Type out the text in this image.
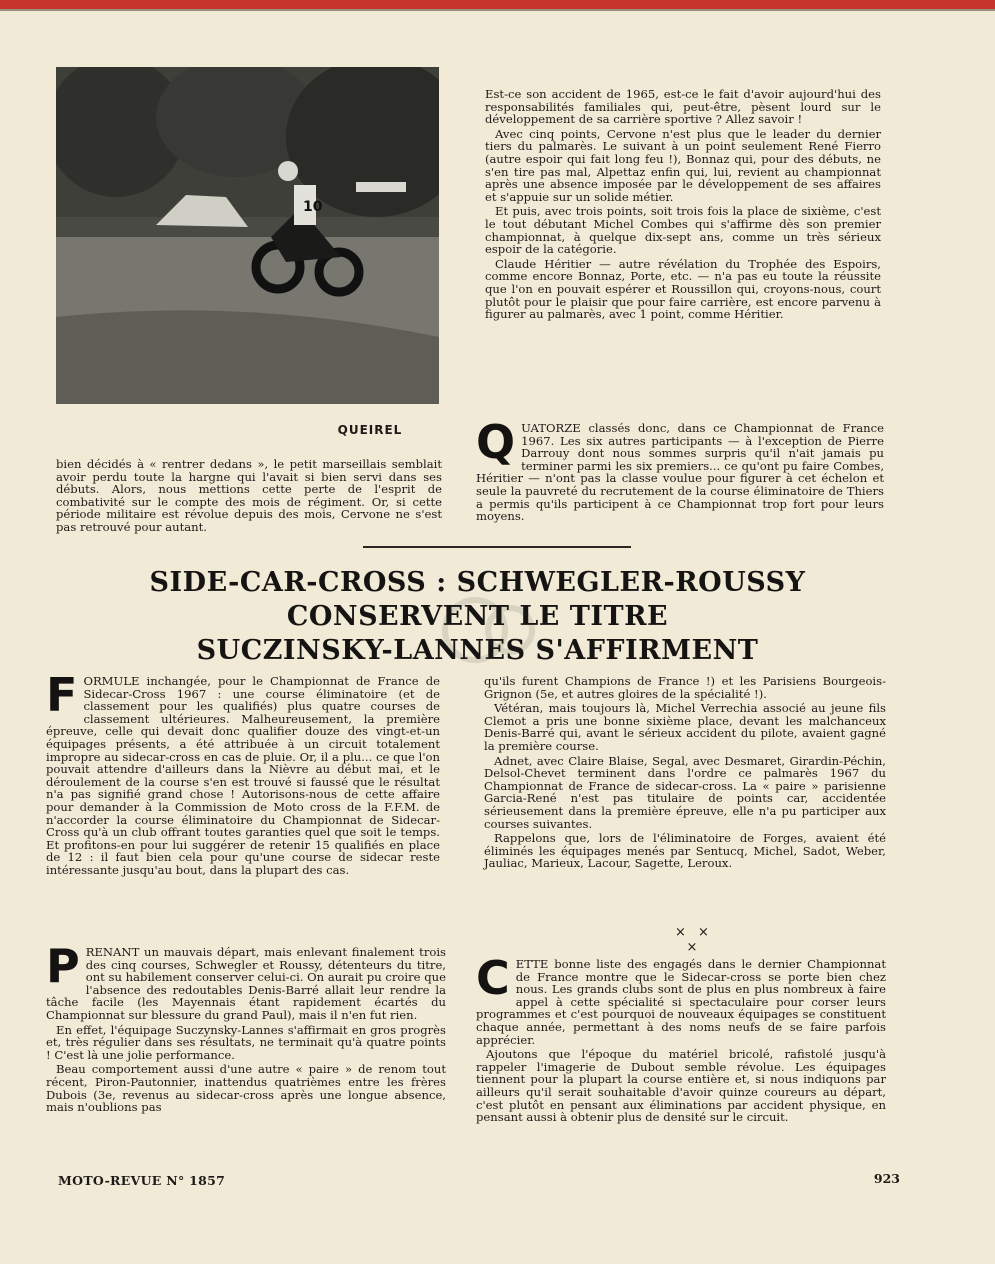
10
QUEIREL

Est-ce son accident de 1965, est-ce le fait d'avoir aujourd'hui des responsabilités familiales qui, peut-être, pèsent lourd sur le développement de sa carrière sportive ? Allez savoir !

Avec cinq points, Cervone n'est plus que le leader du dernier tiers du palmarès. Le suivant à un point seulement René Fierro (autre espoir qui fait long feu !), Bonnaz qui, pour des débuts, ne s'en tire pas mal, Alpettaz enfin qui, lui, revient au championnat après une absence imposée par le développement de ses affaires et s'appuie sur un solide métier.

Et puis, avec trois points, soit trois fois la place de sixième, c'est le tout débutant Michel Combes qui s'affirme dès son premier championnat, à quelque dix-sept ans, comme un très sérieux espoir de la catégorie.

Claude Héritier — autre révélation du Trophée des Espoirs, comme encore Bonnaz, Porte, etc. — n'a pas eu toute la réussite que l'on en pouvait espérer et Roussillon qui, croyons-nous, court plutôt pour le plaisir que pour faire carrière, est encore parvenu à figurer au palmarès, avec 1 point, comme Héritier.

bien décidés à « rentrer dedans », le petit marseillais semblait avoir perdu toute la hargne qui l'avait si bien servi dans ses débuts. Alors, nous mettions cette perte de l'esprit de combativité sur le compte des mois de régiment. Or, si cette période militaire est révolue depuis des mois, Cervone ne s'est pas retrouvé pour autant.

QUATORZE classés donc, dans ce Championnat de France 1967. Les six autres participants — à l'exception de Pierre Darrouy dont nous sommes surpris qu'il n'ait jamais pu terminer parmi les six premiers... ce qu'ont pu faire Combes, Héritier — n'ont pas la classe voulue pour figurer à cet échelon et seule la pauvreté du recrutement de la course éliminatoire de Thiers a permis qu'ils participent à ce Championnat trop fort pour leurs moyens.

SIDE-CAR-CROSS : SCHWEGLER-ROUSSY
CONSERVENT LE TITRE
SUCZINSKY-LANNES S'AFFIRMENT

FORMULE inchangée, pour le Championnat de France de Sidecar-Cross 1967 : une course éliminatoire (et de classement pour les qualifiés) plus quatre courses de classement ultérieures. Malheureusement, la première épreuve, celle qui devait donc qualifier douze des vingt-et-un équipages présents, a été attribuée à un circuit totalement impropre au sidecar-cross en cas de pluie. Or, il a plu... ce que l'on pouvait attendre d'ailleurs dans la Nièvre au début mai, et le déroulement de la course s'en est trouvé si faussé que le résultat n'a pas signifié grand chose ! Autorisons-nous de cette affaire pour demander à la Commission de Moto cross de la F.F.M. de n'accorder la course éliminatoire du Championnat de Sidecar-Cross qu'à un club offrant toutes garanties quel que soit le temps. Et profitons-en pour lui suggérer de retenir 15 qualifiés en place de 12 : il faut bien cela pour qu'une course de sidecar reste intéressante jusqu'au bout, dans la plupart des cas.

PRENANT un mauvais départ, mais enlevant finalement trois des cinq courses, Schwegler et Roussy, détenteurs du titre, ont su habilement conserver celui-ci. On aurait pu croire que l'absence des redoutables Denis-Barré allait leur rendre la tâche facile (les Mayennais étant rapidement écartés du Championnat sur blessure du grand Paul), mais il n'en fut rien.

En effet, l'équipage Suczynsky-Lannes s'affirmait en gros progrès et, très régulier dans ses résultats, ne terminait qu'à quatre points ! C'est là une jolie performance.

Beau comportement aussi d'une autre « paire » de renom tout récent, Piron-Pautonnier, inattendus quatrièmes entre les frères Dubois (3e, revenus au sidecar-cross après une longue absence, mais n'oublions pas

qu'ils furent Champions de France !) et les Parisiens Bourgeois-Grignon (5e, et autres gloires de la spécialité !).

Vétéran, mais toujours là, Michel Verrechia associé au jeune fils Clemot a pris une bonne sixième place, devant les malchanceux Denis-Barré qui, avant le sérieux accident du pilote, avaient gagné la première course.

Adnet, avec Claire Blaise, Segal, avec Desmaret, Girardin-Péchin, Delsol-Chevet terminent dans l'ordre ce palmarès 1967 du Championnat de France de sidecar-cross. La « paire » parisienne Garcia-René n'est pas titulaire de points car, accidentée sérieusement dans la première épreuve, elle n'a pu participer aux courses suivantes.

Rappelons que, lors de l'éliminatoire de Forges, avaient été éliminés les équipages menés par Sentucq, Michel, Sadot, Weber, Jauliac, Marieux, Lacour, Sagette, Leroux.

× × ×

CETTE bonne liste des engagés dans le dernier Championnat de France montre que le Sidecar-cross se porte bien chez nous. Les grands clubs sont de plus en plus nombreux à faire appel à cette spécialité si spectaculaire pour corser leurs programmes et c'est pourquoi de nouveaux équipages se constituent chaque année, permettant à des noms neufs de se faire parfois apprécier.

Ajoutons que l'époque du matériel bricolé, rafistolé jusqu'à rappeler l'imagerie de Dubout semble révolue. Les équipages tiennent pour la plupart la course entière et, si nous indiquons par ailleurs qu'il serait souhaitable d'avoir quinze coureurs au départ, c'est plutôt en pensant aux éliminations par accident physique, en pensant aussi à obtenir plus de densité sur le circuit.

MOTO-REVUE N° 1857	923
